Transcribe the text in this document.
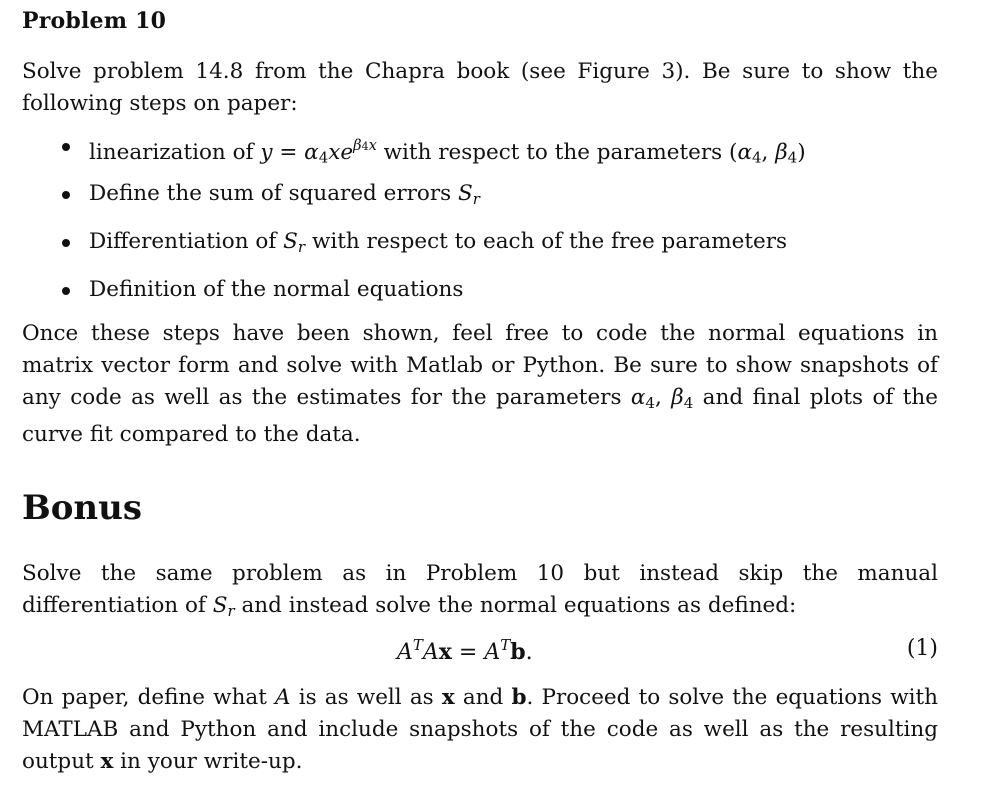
Problem 10
Solve problem 14.8 from the Chapra book (see Figure 3). Be sure to show the following steps on paper:
linearization of $y = \alpha_4xe^{\beta 4x}$ with respect to the parameters ($\alpha_4$, $\beta_4$)
Define the sum of squared errors $S_r$
Differentiation of $S_r$ with respect to each of the free parameters
Definition of the normal equations
Once these steps have been shown, feel free to code the normal equations in matrix vector form and solve with Matlab or Python. Be sure to show snapshots of any code as well as the estimates for the parameters $\alpha_4$, $\beta_4$ and final plots of the curve fit compared to the data.
Bonus
Solve the same problem as in Problem 10 but instead skip the manual differentiation of $S_r$ and instead solve the normal equations as defined:
$A^TAx = A^Tb$.	(1)
On paper, define what A is as well as x and b. Proceed to solve the equations with MATLAB and Python and include snapshots of the code as well as the resulting output x in your write-up.
